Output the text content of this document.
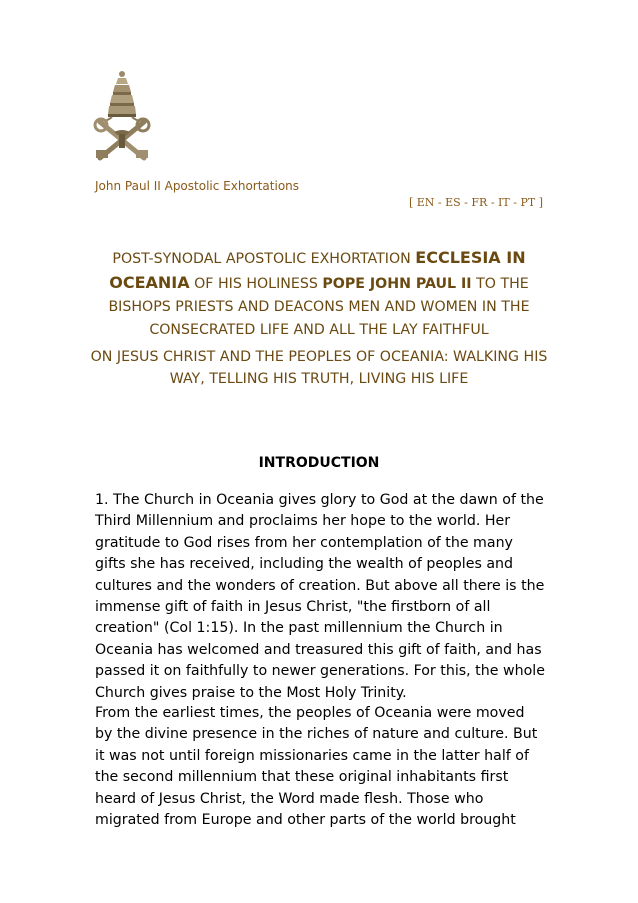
John Paul II Apostolic Exhortations
[ EN - ES - FR - IT - PT ]
POST-SYNODAL APOSTOLIC EXHORTATION ECCLESIA IN OCEANIA OF HIS HOLINESS POPE JOHN PAUL II TO THE BISHOPS PRIESTS AND DEACONS MEN AND WOMEN IN THE CONSECRATED LIFE AND ALL THE LAY FAITHFUL
ON JESUS CHRIST AND THE PEOPLES OF OCEANIA: WALKING HIS WAY, TELLING HIS TRUTH, LIVING HIS LIFE
INTRODUCTION
1. The Church in Oceania gives glory to God at the dawn of the Third Millennium and proclaims her hope to the world. Her gratitude to God rises from her contemplation of the many gifts she has received, including the wealth of peoples and cultures and the wonders of creation. But above all there is the immense gift of faith in Jesus Christ, "the firstborn of all creation" (Col 1:15). In the past millennium the Church in Oceania has welcomed and treasured this gift of faith, and has passed it on faithfully to newer generations. For this, the whole Church gives praise to the Most Holy Trinity.
From the earliest times, the peoples of Oceania were moved by the divine presence in the riches of nature and culture. But it was not until foreign missionaries came in the latter half of the second millennium that these original inhabitants first heard of Jesus Christ, the Word made flesh. Those who migrated from Europe and other parts of the world brought
